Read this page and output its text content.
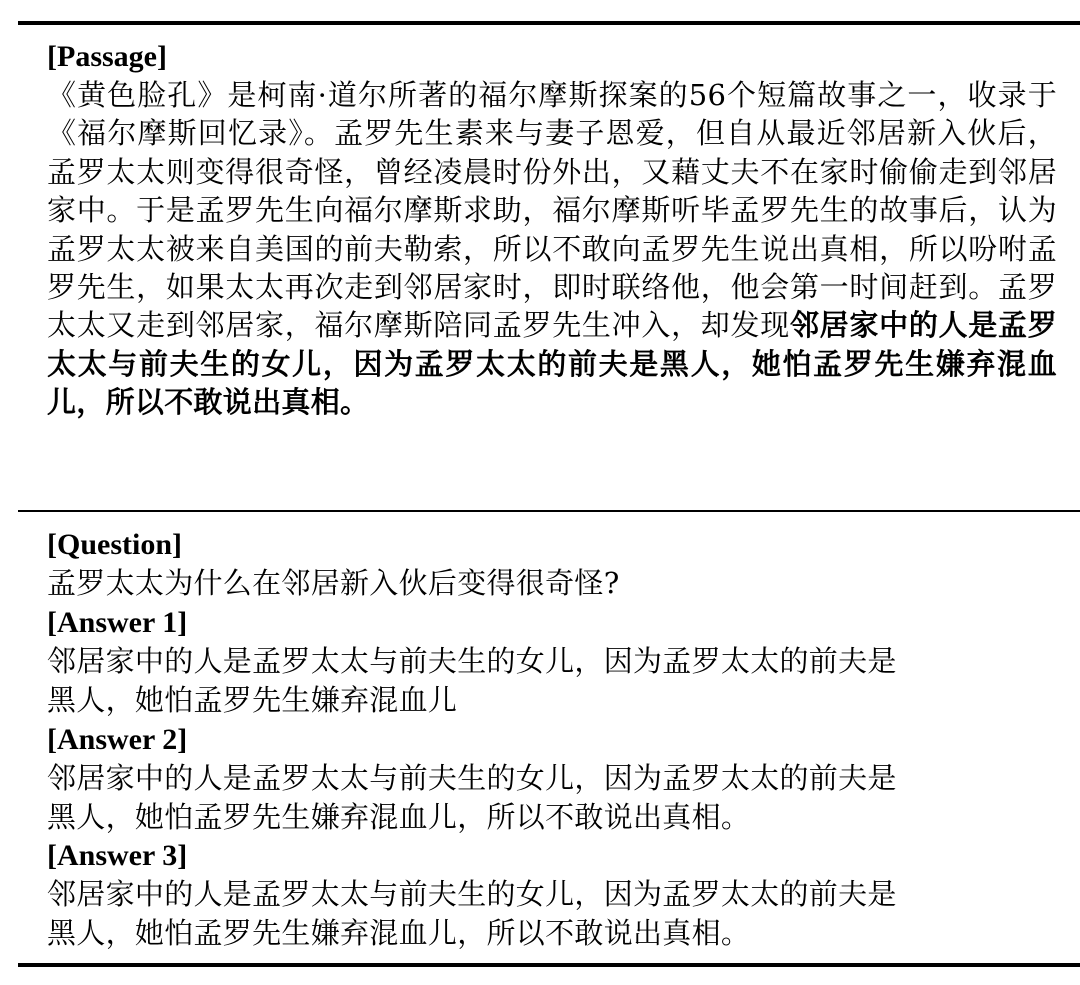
[Passage]
《黄色脸孔》是柯南·道尔所著的福尔摩斯探案的56个短篇故事之一，收录于《福尔摩斯回忆录》。孟罗先生素来与妻子恩爱，但自从最近邻居新入伙后，孟罗太太则变得很奇怪，曾经凌晨时份外出，又藉丈夫不在家时偷偷走到邻居家中。于是孟罗先生向福尔摩斯求助，福尔摩斯听毕孟罗先生的故事后，认为孟罗太太被来自美国的前夫勒索，所以不敢向孟罗先生说出真相，所以吩咐孟罗先生，如果太太再次走到邻居家时，即时联络他，他会第一时间赶到。孟罗太太又走到邻居家，福尔摩斯陪同孟罗先生冲入，却发现邻居家中的人是孟罗太太与前夫生的女儿，因为孟罗太太的前夫是黑人，她怕孟罗先生嫌弃混血儿，所以不敢说出真相。
[Question]
孟罗太太为什么在邻居新入伙后变得很奇怪?
[Answer 1]
邻居家中的人是孟罗太太与前夫生的女儿，因为孟罗太太的前夫是
黑人，她怕孟罗先生嫌弃混血儿
[Answer 2]
邻居家中的人是孟罗太太与前夫生的女儿，因为孟罗太太的前夫是
黑人，她怕孟罗先生嫌弃混血儿，所以不敢说出真相。
[Answer 3]
邻居家中的人是孟罗太太与前夫生的女儿，因为孟罗太太的前夫是
黑人，她怕孟罗先生嫌弃混血儿，所以不敢说出真相。
